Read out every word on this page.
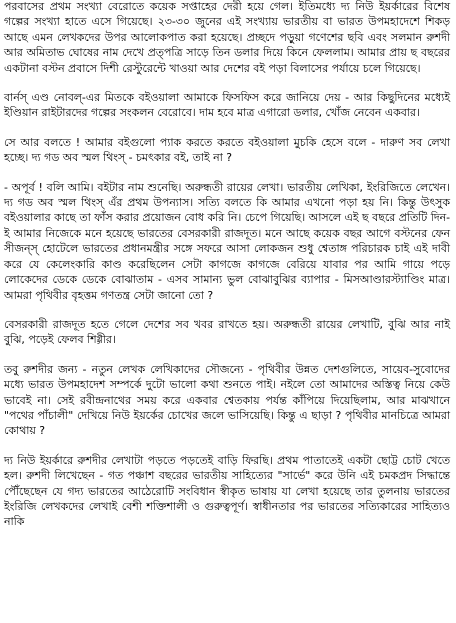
পরবাসের প্রথম সংখ্যা বেরোতে কয়েক সপ্তাহের দেরী হয়ে গেল। ইতিমধ্যে দ্য নিউ ইয়র্কারের বিশেষ গল্পের সংখ্যা হাতে এসে গিয়েছে। ২৩-৩০ জুনের এই সংখ্যায় ভারতীয় বা ভারত উপমহাদেশে শিকড় আছে এমন লেখকদের উপর আলোকপাত করা হয়েছে। প্রচ্ছদে পড়ুয়া গণেশের ছবি এবং সলমান রুশদী আর অমিতাভ ঘোষের নাম দেখে প্রত্পত্রি সাড়ে তিন ডলার দিয়ে কিনে ফেললাম। আমার প্রায় ছ বছরের একটানা বস্টন প্রবাসে দিশী রেস্টুরেন্টে খাওয়া আর দেশের বই পড়া বিলাসের পর্যায়ে চলে গিয়েছে।

বার্নস্ এণ্ড নোবল্-এর মিতকে বইওয়ালা আমাকে ফিসফিস করে জানিয়ে দেয় - আর কিছুদিনের মধ্যেই ইণ্ডিয়ান রাইটারদের গল্পের সংকলন বেরোবে। দাম হবে মাত্র এগারো ডলার, খোঁজ নেবেন একবার।

সে আর বলতে ! আমার বইগুলো প্যাক করতে করতে বইওয়ালা মুচকি হেসে বলে - দারুণ সব লেখা হচ্ছে। দ্য গড অব স্মল থিংস্ - চমৎকার বই, তাই না ?

- অপূর্ব ! বলি আমি। বইটার নাম শুনেছি। অরুন্ধতী রায়ের লেখা। ভারতীয় লেখিকা, ইংরিজিতে লেখেন। দ্য গড অব স্মল থিংস্ এঁর প্রথম উপন্যাস। সত্যি বলতে কি আমার এখনো পড়া হয় নি। কিন্তু উৎসুক বইওয়ালার কাছে তা ফাঁস করার প্রয়োজন বোধ করি নি। চেপে গিয়েছি। আসলে এই ছ বছরে প্রতিটি দিন-ই আমার নিজেকে মনে হয়েছে ভারতের বেসরকারী রাজদূত। মনে আছে কয়েক বছর আগে বস্টনের ফেন সীজন্স্ হোটেলে ভারতের প্রধানমন্ত্রীর সঙ্গে সফরে আসা লোকজন শুধু শ্বেতাঙ্গ পরিচারক চাই এই দাবী করে যে কেলেংকারি কাণ্ড করেছিলেন সেটা কাগজে কাগজে বেরিয়ে যাবার পর আমি গায়ে পড়ে লোকেদের ডেকে ডেকে বোঝাতাম - এসব সামান্য ভুল বোঝাবুঝির ব্যাপার - মিসআণ্ডারস্ট্যাণ্ডিং মাত্র। আমরা পৃথিবীর বৃহত্তম গণতন্ত্র সেটা জানো তো ?

বেসরকারী রাজদূত হতে গেলে দেশের সব খবর রাখতে হয়। অরুন্ধতী রায়ের লেখাটি, বুঝি আর নাই বুঝি, পড়েই ফেলব শিগ্গীর।

তবু রুশদীর জন্য - নতুন লেখক লেখিকাদের সৌজন্যে - পৃথিবীর উন্নত দেশগুলিতে, সায়েব-সুবোদের মধ্যে ভারত উপমহাদেশ সম্পর্কে দুটো ভালো কথা শুনতে পাই। নইলে তো আমাদের অস্তিত্ব নিয়ে কেউ ভাবেই না। সেই রবীন্দ্রনাথের সময় করে একবার শ্বেতকায় পর্যন্ত কাঁপিয়ে দিয়েছিলাম, আর মাঝখানে "পথের পাঁচালী" দেখিয়ে নিউ ইয়র্কের চোখের জলে ভাসিয়েছি। কিন্তু এ ছাড়া ? পৃথিবীর মানচিত্রে আমরা কোথায় ?

দ্য নিউ ইয়র্কারে রুশদীর লেখাটা পড়তে পড়তেই বাড়ি ফিরছি। প্রথম পাতাতেই একটা ছোট্ট চোট খেতে হল। রুশদী লিখেছেন - গত পঞ্চাশ বছরের ভারতীয় সাহিত্যের "সার্ভে" করে উনি এই চমকপ্রদ সিদ্ধান্তে পৌঁছেছেন যে গদ্য ভারতের আঠেরোটি সংবিধান স্বীকৃত ভাষায় যা লেখা হয়েছে তার তুলনায় ভারতের ইংরিজি লেখকদের লেখাই বেশী শক্তিশালী ও গুরুত্বপূর্ণ। স্বাধীনতার পর ভারতের সত্যিকারের সাহিত্যও নাকি
